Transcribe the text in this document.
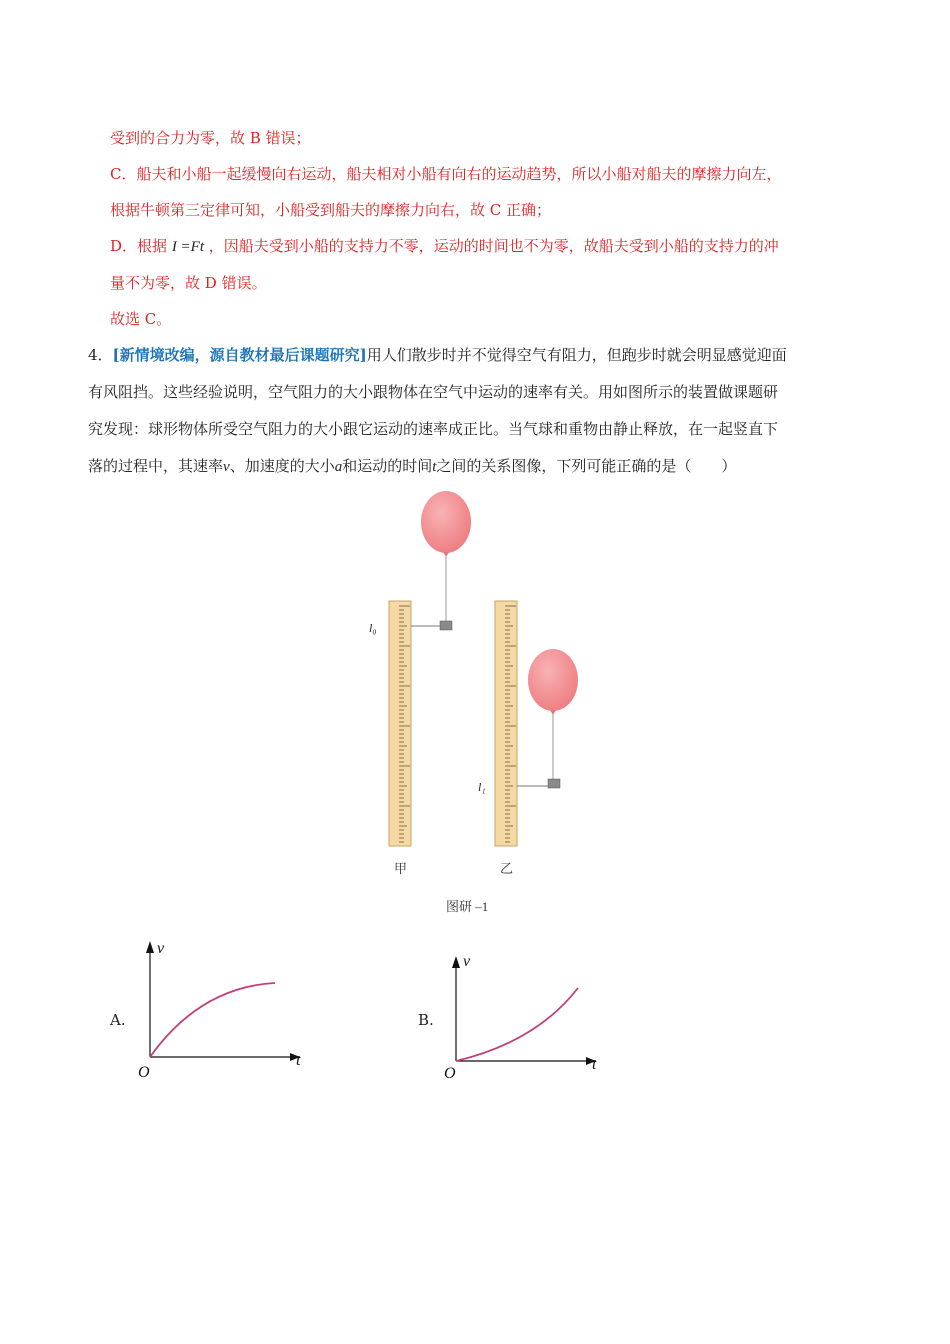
受到的合力为零，故 B 错误；
C．船夫和小船一起缓慢向右运动，船夫相对小船有向右的运动趋势，所以小船对船夫的摩擦力向左，
根据牛顿第三定律可知，小船受到船夫的摩擦力向右，故 C 正确；
D．根据 I =Ft ，因船夫受到小船的支持力不零，运动的时间也不为零，故船夫受到小船的支持力的冲
量不为零，故 D 错误。
故选 C。
4．[新情境改编，源自教材最后课题研究]用人们散步时并不觉得空气有阻力，但跑步时就会明显感觉迎面
有风阻挡。这些经验说明，空气阻力的大小跟物体在空气中运动的速率有关。用如图所示的装置做课题研
究发现：球形物体所受空气阻力的大小跟它运动的速率成正比。当气球和重物由静止释放，在一起竖直下
落的过程中，其速率v、加速度的大小a和运动的时间t之间的关系图像，下列可能正确的是（　　）
l₀
l₁
甲	乙
图研 –1
A.
v
t
O
B.
v
t
O
